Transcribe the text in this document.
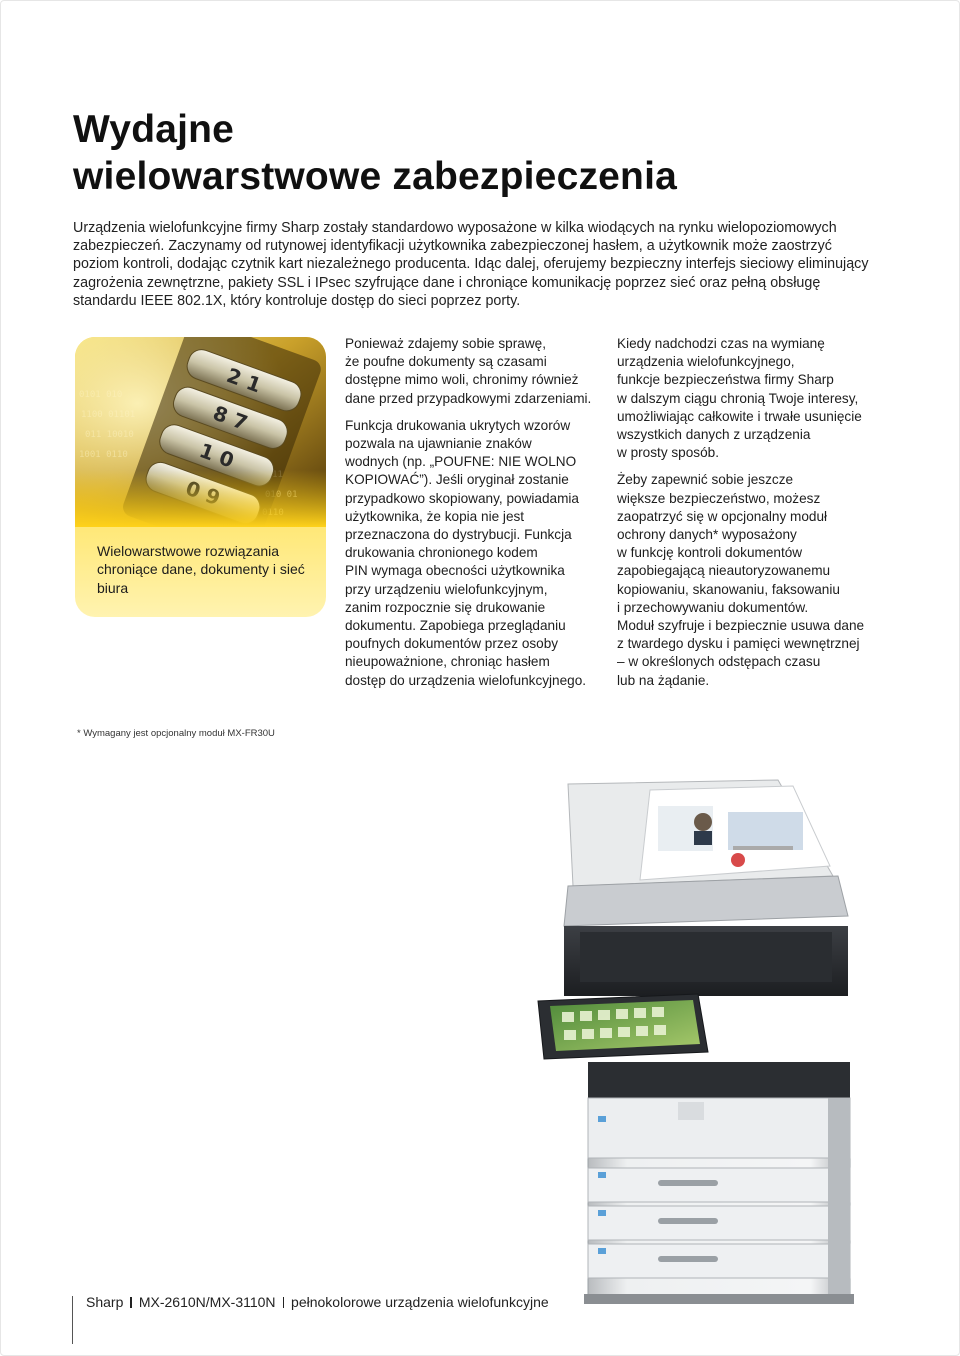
Wydajne
wielowarstwowe zabezpieczenia

Urządzenia wielofunkcyjne firmy Sharp zostały standardowo wyposażone w kilka wiodących na rynku wielopoziomowych zabezpieczeń. Zaczynamy od rutynowej identyfikacji użytkownika zabezpieczonej hasłem, a użytkownik może zaostrzyć poziom kontroli, dodając czytnik kart niezależnego producenta. Idąc dalej, oferujemy bezpieczny interfejs sieciowy eliminujący zagrożenia zewnętrzne, pakiety SSL i IPsec szyfrujące dane i chroniące komunikację poprzez sieć oraz pełną obsługę standardu IEEE 802.1X, który kontroluje dostęp do sieci poprzez porty.

Wielowarstwowe rozwiązania chroniące dane, dokumenty i sieć biura

Ponieważ zdajemy sobie sprawę,
że poufne dokumenty są czasami
dostępne mimo woli, chronimy również
dane przed przypadkowymi zdarzeniami.

Funkcja drukowania ukrytych wzorów
pozwala na ujawnianie znaków
wodnych (np. „POUFNE: NIE WOLNO
KOPIOWAĆ”). Jeśli oryginał zostanie
przypadkowo skopiowany, powiadamia
użytkownika, że kopia nie jest
przeznaczona do dystrybucji. Funkcja
drukowania chronionego kodem
PIN wymaga obecności użytkownika
przy urządzeniu wielofunkcyjnym,
zanim rozpocznie się drukowanie
dokumentu. Zapobiega przeglądaniu
poufnych dokumentów przez osoby
nieupoważnione, chroniąc hasłem
dostęp do urządzenia wielofunkcyjnego.

Kiedy nadchodzi czas na wymianę
urządzenia wielofunkcyjnego,
funkcje bezpieczeństwa firmy Sharp
w dalszym ciągu chronią Twoje interesy,
umożliwiając całkowite i trwałe usunięcie
wszystkich danych z urządzenia
w prosty sposób.

Żeby zapewnić sobie jeszcze
większe bezpieczeństwo, możesz
zaopatrzyć się w opcjonalny moduł
ochrony danych* wyposażony
w funkcję kontroli dokumentów
zapobiegającą nieautoryzowanemu
kopiowaniu, skanowaniu, faksowaniu
i przechowywaniu dokumentów.
Moduł szyfruje i bezpiecznie usuwa dane
z twardego dysku i pamięci wewnętrznej
– w określonych odstępach czasu
lub na żądanie.

* Wymagany jest opcjonalny moduł MX-FR30U

Sharp MX-2610N/MX-3110N pełnokolorowe urządzenia wielofunkcyjne
